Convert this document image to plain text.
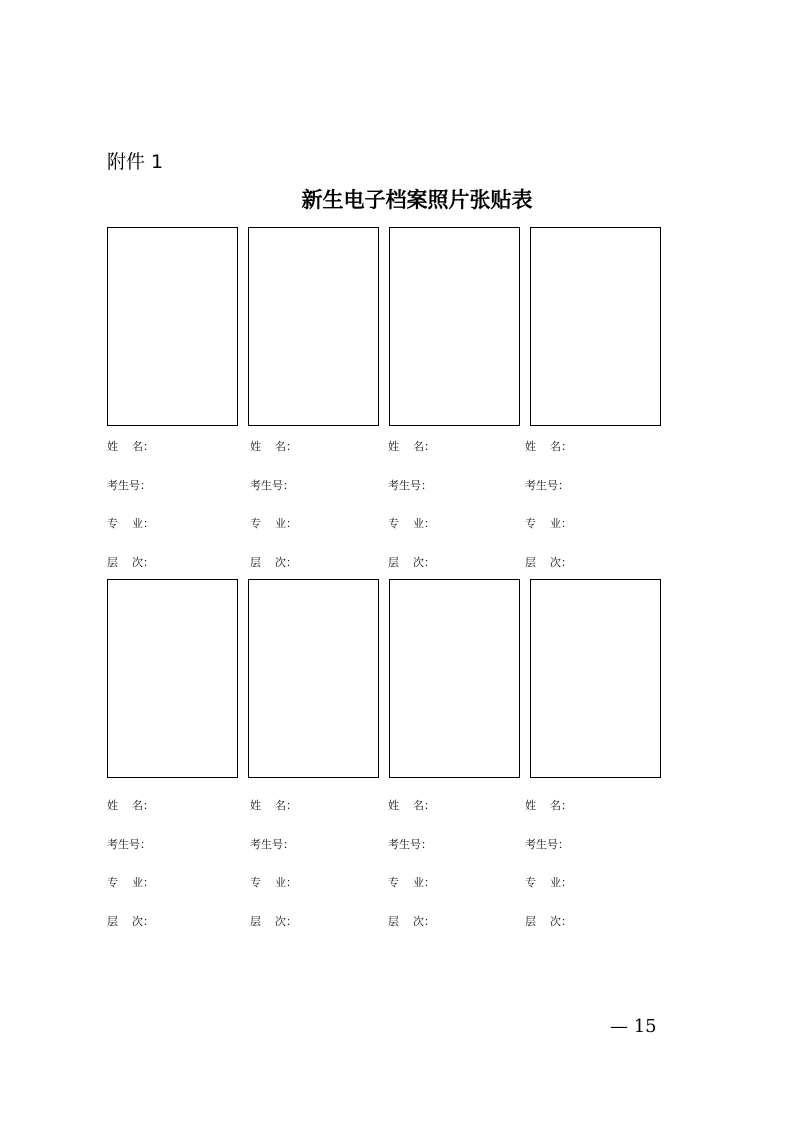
附件 1
新生电子档案照片张贴表
姓    名：
考生号：
专    业：
层    次：
姓    名：
考生号：
专    业：
层    次：
姓    名：
考生号：
专    业：
层    次：
姓    名：
考生号：
专    业：
层    次：
姓    名：
考生号：
专    业：
层    次：
姓    名：
考生号：
专    业：
层    次：
姓    名：
考生号：
专    业：
层    次：
姓    名：
考生号：
专    业：
层    次：
— 15
